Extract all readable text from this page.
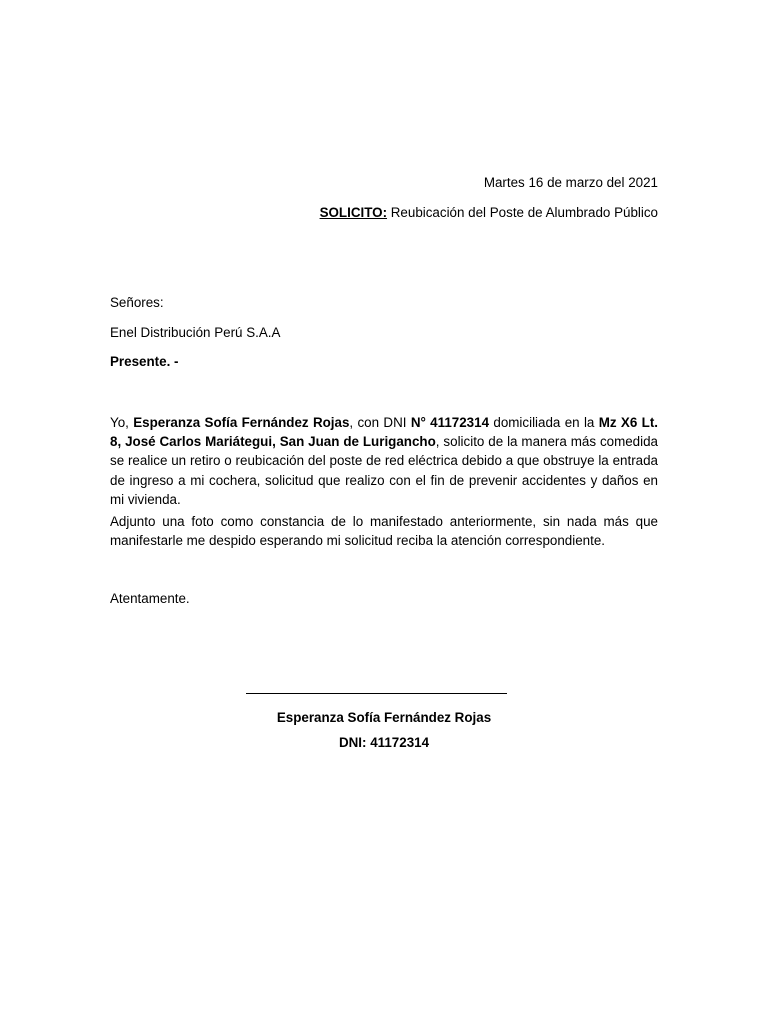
Martes 16 de marzo del 2021
SOLICITO: Reubicación del Poste de Alumbrado Público
Señores:
Enel Distribución Perú S.A.A
Presente. -
Yo, Esperanza Sofía Fernández Rojas, con DNI N° 41172314 domiciliada en la Mz X6 Lt. 8, José Carlos Mariátegui, San Juan de Lurigancho, solicito de la manera más comedida se realice un retiro o reubicación del poste de red eléctrica debido a que obstruye la entrada de ingreso a mi cochera, solicitud que realizo con el fin de prevenir accidentes y daños en mi vivienda.
Adjunto una foto como constancia de lo manifestado anteriormente, sin nada más que manifestarle me despido esperando mi solicitud reciba la atención correspondiente.
Atentamente.
Esperanza Sofía Fernández Rojas
DNI: 41172314
